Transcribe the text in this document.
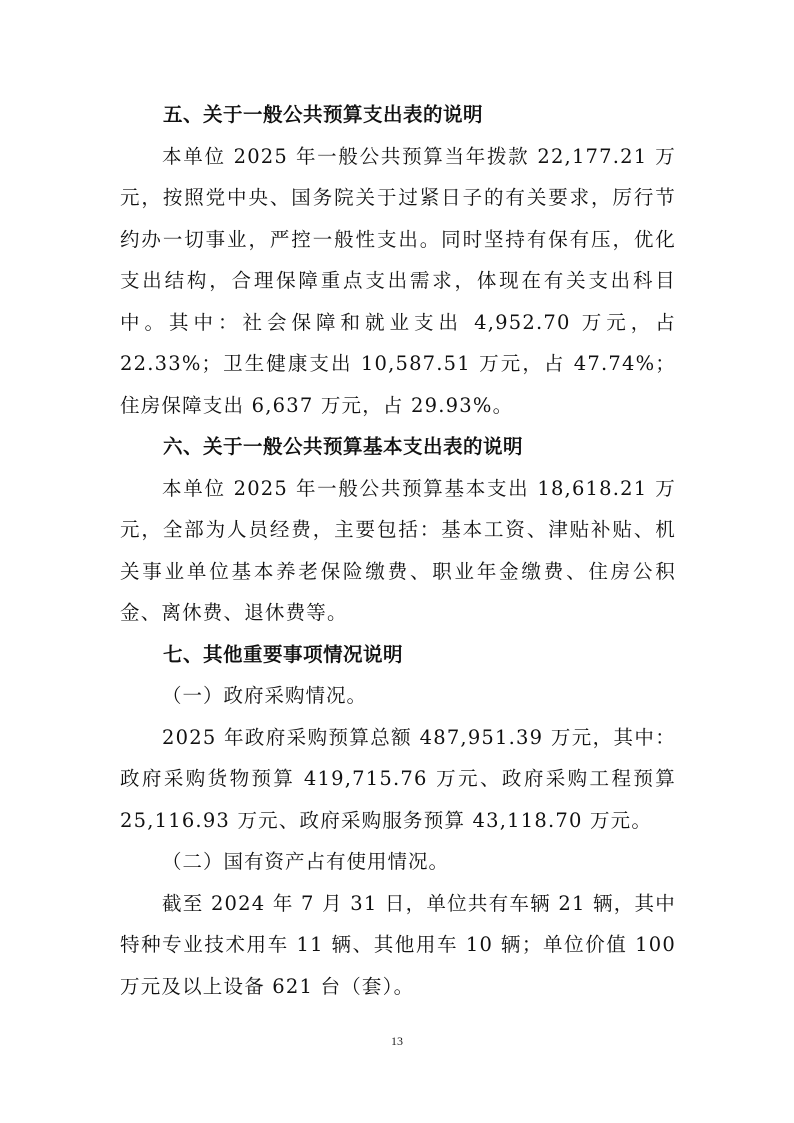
五、关于一般公共预算支出表的说明

本单位 2025 年一般公共预算当年拨款 22,177.21 万元，按照党中央、国务院关于过紧日子的有关要求，厉行节约办一切事业，严控一般性支出。同时坚持有保有压，优化支出结构，合理保障重点支出需求，体现在有关支出科目中。其中：社会保障和就业支出 4,952.70 万元，占 22.33%；卫生健康支出 10,587.51 万元，占 47.74%；住房保障支出 6,637 万元，占 29.93%。

六、关于一般公共预算基本支出表的说明

本单位 2025 年一般公共预算基本支出 18,618.21 万元，全部为人员经费，主要包括：基本工资、津贴补贴、机关事业单位基本养老保险缴费、职业年金缴费、住房公积金、离休费、退休费等。

七、其他重要事项情况说明
（一）政府采购情况。

2025 年政府采购预算总额 487,951.39 万元，其中：政府采购货物预算 419,715.76 万元、政府采购工程预算 25,116.93 万元、政府采购服务预算 43,118.70 万元。

（二）国有资产占有使用情况。

截至 2024 年 7 月 31 日，单位共有车辆 21 辆，其中特种专业技术用车 11 辆、其他用车 10 辆；单位价值 100 万元及以上设备 621 台（套）。

13
